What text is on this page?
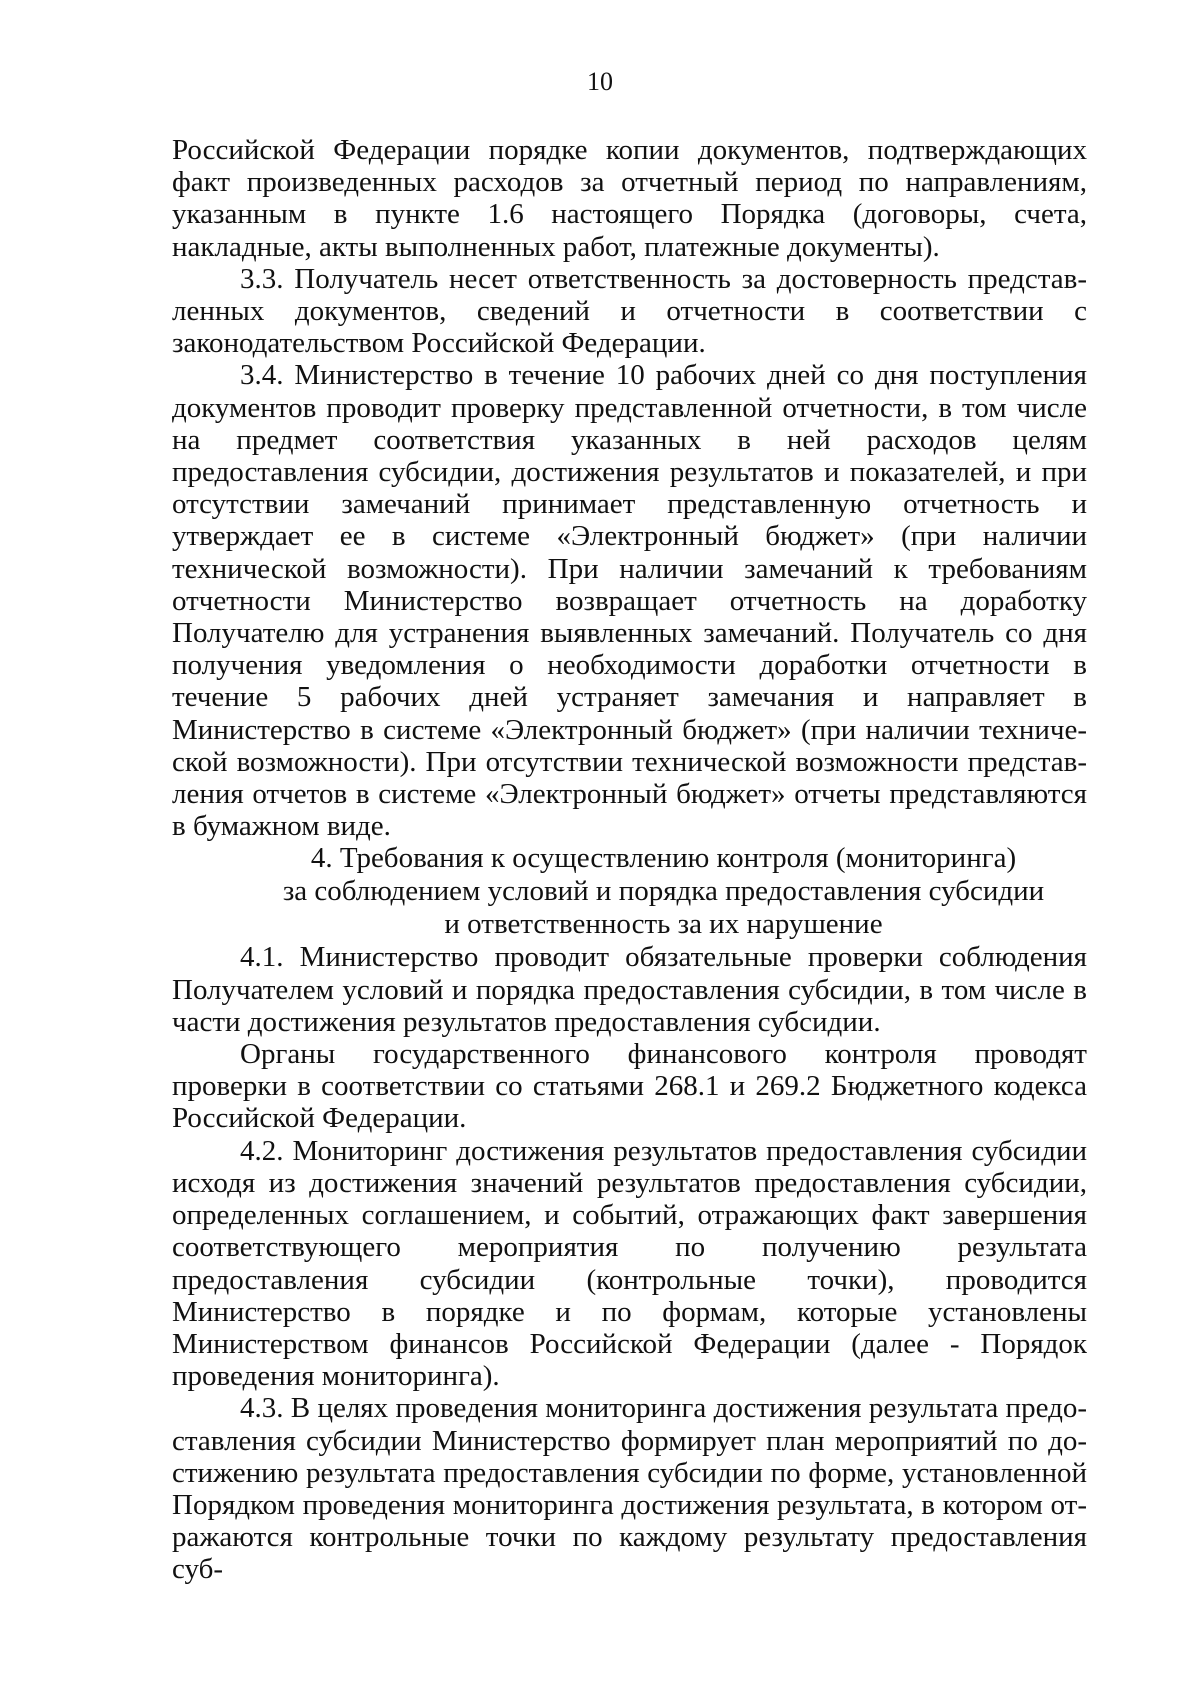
10

Российской Федерации порядке копии документов, подтверждающих факт произведенных расходов за отчетный период по направлениям, указанным в пункте 1.6 настоящего Порядка (договоры, счета, накладные, акты выполненных работ, платежные документы).

3.3. Получатель несет ответственность за достоверность представленных документов, сведений и отчетности в соответствии с законодательством Российской Федерации.

3.4. Министерство в течение 10 рабочих дней со дня поступления документов проводит проверку представленной отчетности, в том числе на предмет соответствия указанных в ней расходов целям предоставления субсидии, достижения результатов и показателей, и при отсутствии замечаний принимает представленную отчетность и утверждает ее в системе «Электронный бюджет» (при наличии технической возможности). При наличии замечаний к требованиям отчетности Министерство возвращает отчетность на доработку Получателю для устранения выявленных замечаний. Получатель со дня получения уведомления о необходимости доработки отчетности в течение 5 рабочих дней устраняет замечания и направляет в Министерство в системе «Электронный бюджет» (при наличии технической возможности). При отсутствии технической возможности представления отчетов в системе «Электронный бюджет» отчеты представляются в бумажном виде.

4. Требования к осуществлению контроля (мониторинга)
за соблюдением условий и порядка предоставления субсидии
и ответственность за их нарушение

4.1. Министерство проводит обязательные проверки соблюдения Получателем условий и порядка предоставления субсидии, в том числе в части достижения результатов предоставления субсидии.

Органы государственного финансового контроля проводят проверки в соответствии со статьями 268.1 и 269.2 Бюджетного кодекса Российской Федерации.

4.2. Мониторинг достижения результатов предоставления субсидии исходя из достижения значений результатов предоставления субсидии, определенных соглашением, и событий, отражающих факт завершения соответствующего мероприятия по получению результата предоставления субсидии (контрольные точки), проводится Министерство в порядке и по формам, которые установлены Министерством финансов Российской Федерации (далее - Порядок проведения мониторинга).

4.3. В целях проведения мониторинга достижения результата предоставления субсидии Министерство формирует план мероприятий по достижению результата предоставления субсидии по форме, установленной Порядком проведения мониторинга достижения результата, в котором отражаются контрольные точки по каждому результату предоставления суб-
